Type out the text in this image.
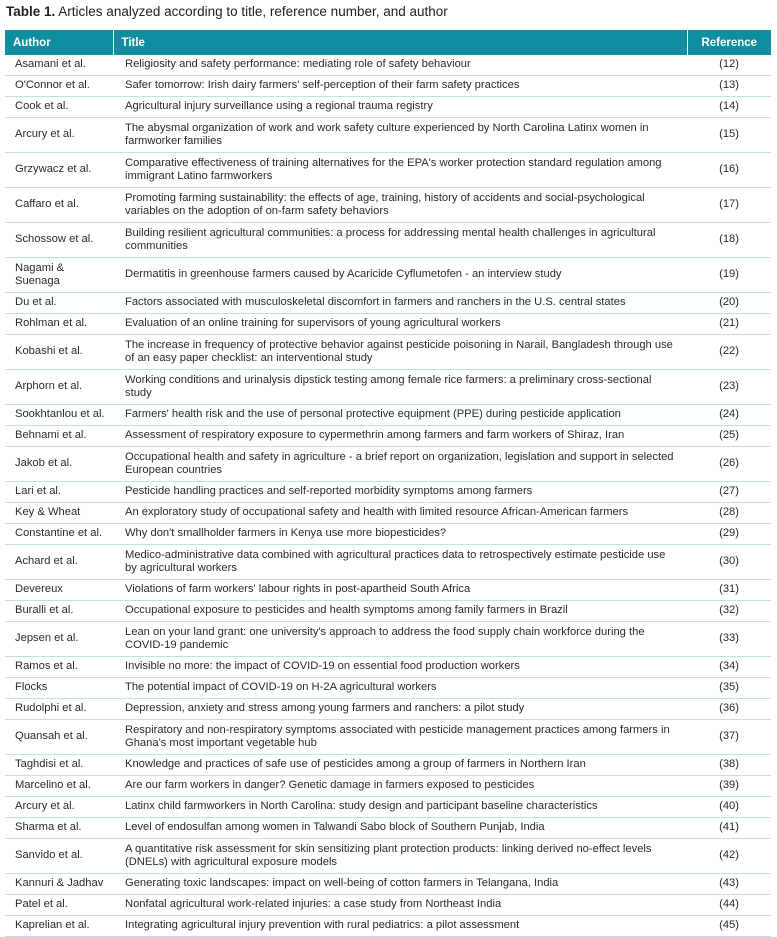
Table 1. Articles analyzed according to title, reference number, and author
Author	Title	Reference
Asamani et al.	Religiosity and safety performance: mediating role of safety behaviour	(12)
O'Connor et al.	Safer tomorrow: Irish dairy farmers' self-perception of their farm safety practices	(13)
Cook et al.	Agricultural injury surveillance using a regional trauma registry	(14)
Arcury et al.	The abysmal organization of work and work safety culture experienced by North Carolina Latinx women in farmworker families	(15)
Grzywacz et al.	Comparative effectiveness of training alternatives for the EPA's worker protection standard regulation among immigrant Latino farmworkers	(16)
Caffaro et al.	Promoting farming sustainability: the effects of age, training, history of accidents and social-psychological variables on the adoption of on-farm safety behaviors	(17)
Schossow et al.	Building resilient agricultural communities: a process for addressing mental health challenges in agricultural communities	(18)
Nagami & Suenaga	Dermatitis in greenhouse farmers caused by Acaricide Cyflumetofen - an interview study	(19)
Du et al.	Factors associated with musculoskeletal discomfort in farmers and ranchers in the U.S. central states	(20)
Rohlman et al.	Evaluation of an online training for supervisors of young agricultural workers	(21)
Kobashi et al.	The increase in frequency of protective behavior against pesticide poisoning in Narail, Bangladesh through use of an easy paper checklist: an interventional study	(22)
Arphorn et al.	Working conditions and urinalysis dipstick testing among female rice farmers: a preliminary cross-sectional study	(23)
Sookhtanlou et al.	Farmers' health risk and the use of personal protective equipment (PPE) during pesticide application	(24)
Behnami et al.	Assessment of respiratory exposure to cypermethrin among farmers and farm workers of Shiraz, Iran	(25)
Jakob et al.	Occupational health and safety in agriculture - a brief report on organization, legislation and support in selected European countries	(26)
Lari et al.	Pesticide handling practices and self-reported morbidity symptoms among farmers	(27)
Key & Wheat	An exploratory study of occupational safety and health with limited resource African-American farmers	(28)
Constantine et al.	Why don't smallholder farmers in Kenya use more biopesticides?	(29)
Achard et al.	Medico-administrative data combined with agricultural practices data to retrospectively estimate pesticide use by agricultural workers	(30)
Devereux	Violations of farm workers' labour rights in post-apartheid South Africa	(31)
Buralli et al.	Occupational exposure to pesticides and health symptoms among family farmers in Brazil	(32)
Jepsen et al.	Lean on your land grant: one university's approach to address the food supply chain workforce during the COVID-19 pandemic	(33)
Ramos et al.	Invisible no more: the impact of COVID-19 on essential food production workers	(34)
Flocks	The potential impact of COVID-19 on H-2A agricultural workers	(35)
Rudolphi et al.	Depression, anxiety and stress among young farmers and ranchers: a pilot study	(36)
Quansah et al.	Respiratory and non-respiratory symptoms associated with pesticide management practices among farmers in Ghana's most important vegetable hub	(37)
Taghdisi et al.	Knowledge and practices of safe use of pesticides among a group of farmers in Northern Iran	(38)
Marcelino et al.	Are our farm workers in danger? Genetic damage in farmers exposed to pesticides	(39)
Arcury et al.	Latinx child farmworkers in North Carolina: study design and participant baseline characteristics	(40)
Sharma et al.	Level of endosulfan among women in Talwandi Sabo block of Southern Punjab, India	(41)
Sanvido et al.	A quantitative risk assessment for skin sensitizing plant protection products: linking derived no-effect levels (DNELs) with agricultural exposure models	(42)
Kannuri & Jadhav	Generating toxic landscapes: impact on well-being of cotton farmers in Telangana, India	(43)
Patel et al.	Nonfatal agricultural work-related injuries: a case study from Northeast India	(44)
Kaprelian et al.	Integrating agricultural injury prevention with rural pediatrics: a pilot assessment	(45)
